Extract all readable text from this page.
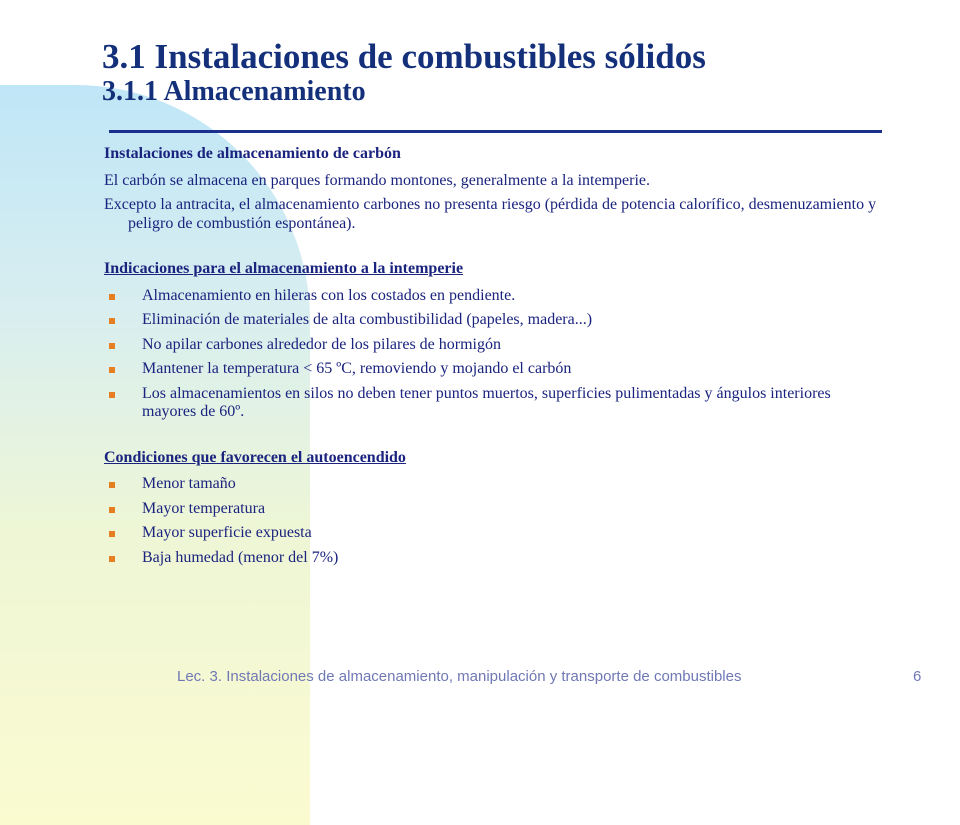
3.1 Instalaciones de combustibles sólidos
3.1.1 Almacenamiento
Instalaciones de almacenamiento de carbón

El carbón se almacena en parques formando montones, generalmente a la intemperie.

Excepto la antracita, el almacenamiento carbones no presenta riesgo (pérdida de potencia calorífico, desmenuzamiento y peligro de combustión espontánea).

Indicaciones para el almacenamiento a la intemperie
Almacenamiento en hileras con los costados en pendiente.
Eliminación de materiales de alta combustibilidad (papeles, madera...)
No apilar carbones alrededor de los pilares de hormigón
Mantener la temperatura < 65 ºC, removiendo y mojando el carbón
Los almacenamientos en silos no deben tener puntos muertos, superficies pulimentadas y ángulos interiores mayores de 60º.
Condiciones que favorecen el autoencendido
Menor tamaño
Mayor temperatura
Mayor superficie expuesta
Baja humedad (menor del 7%)
Lec. 3. Instalaciones de almacenamiento, manipulación y transporte de combustibles	6
